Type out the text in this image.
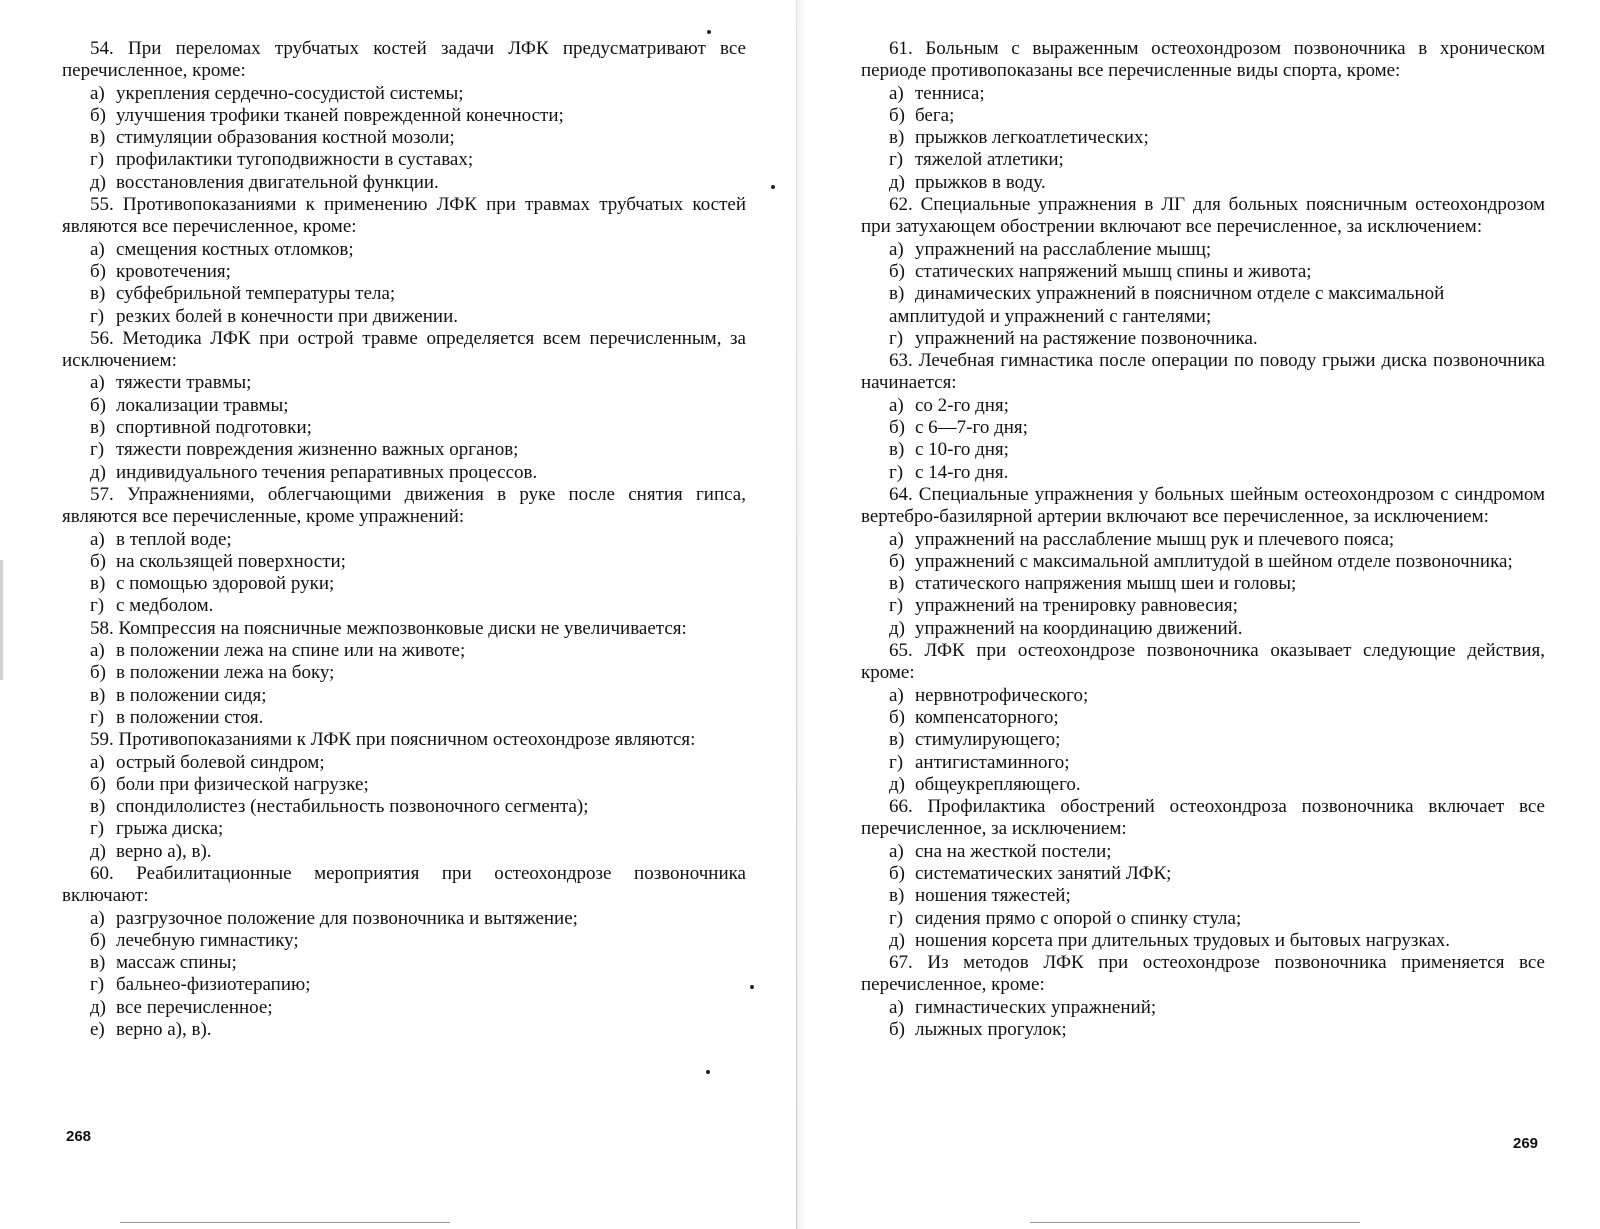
54. При переломах трубчатых костей задачи ЛФК предусматривают все перечисленное, кроме:

а) укрепления сердечно-сосудистой системы;
б) улучшения трофики тканей поврежденной конечности;
в) стимуляции образования костной мозоли;
г) профилактики тугоподвижности в суставах;
д) восстановления двигательной функции.

55. Противопоказаниями к применению ЛФК при травмах трубчатых костей являются все перечисленное, кроме:

а) смещения костных отломков;
б) кровотечения;
в) субфебрильной температуры тела;
г) резких болей в конечности при движении.

56. Методика ЛФК при острой травме определяется всем перечисленным, за исключением:

а) тяжести травмы;
б) локализации травмы;
в) спортивной подготовки;
г) тяжести повреждения жизненно важных органов;
д) индивидуального течения репаративных процессов.

57. Упражнениями, облегчающими движения в руке после снятия гипса, являются все перечисленные, кроме упражнений:

а) в теплой воде;
б) на скользящей поверхности;
в) с помощью здоровой руки;
г) с медболом.

58. Компрессия на поясничные межпозвонковые диски не увеличивается:

а) в положении лежа на спине или на животе;
б) в положении лежа на боку;
в) в положении сидя;
г) в положении стоя.

59. Противопоказаниями к ЛФК при поясничном остеохондрозе являются:

а) острый болевой синдром;
б) боли при физической нагрузке;
в) спондилолистез (нестабильность позвоночного сегмента);
г) грыжа диска;
д) верно а), в).

60. Реабилитационные мероприятия при остеохондрозе позвоночника включают:

а) разгрузочное положение для позвоночника и вытяжение;
б) лечебную гимнастику;
в) массаж спины;
г) бальнео-физиотерапию;
д) все перечисленное;
е) верно а), в).

61. Больным с выраженным остеохондрозом позвоночника в хроническом периоде противопоказаны все перечисленные виды спорта, кроме:

а) тенниса;
б) бега;
в) прыжков легкоатлетических;
г) тяжелой атлетики;
д) прыжков в воду.

62. Специальные упражнения в ЛГ для больных поясничным остеохондрозом при затухающем обострении включают все перечисленное, за исключением:

а) упражнений на расслабление мышц;
б) статических напряжений мышц спины и живота;
в) динамических упражнений в поясничном отделе с максимальной амплитудой и упражнений с гантелями;
г) упражнений на растяжение позвоночника.

63. Лечебная гимнастика после операции по поводу грыжи диска позвоночника начинается:

а) со 2-го дня;
б) с 6—7-го дня;
в) с 10-го дня;
г) с 14-го дня.

64. Специальные упражнения у больных шейным остеохондрозом с синдромом вертебро-базилярной артерии включают все перечисленное, за исключением:

а) упражнений на расслабление мышц рук и плечевого пояса;
б) упражнений с максимальной амплитудой в шейном отделе позвоночника;
в) статического напряжения мышц шеи и головы;
г) упражнений на тренировку равновесия;
д) упражнений на координацию движений.

65. ЛФК при остеохондрозе позвоночника оказывает следующие действия, кроме:

а) нервнотрофического;
б) компенсаторного;
в) стимулирующего;
г) антигистаминного;
д) общеукрепляющего.

66. Профилактика обострений остеохондроза позвоночника включает все перечисленное, за исключением:

а) сна на жесткой постели;
б) систематических занятий ЛФК;
в) ношения тяжестей;
г) сидения прямо с опорой о спинку стула;
д) ношения корсета при длительных трудовых и бытовых нагрузках.

67. Из методов ЛФК при остеохондрозе позвоночника применяется все перечисленное, кроме:

а) гимнастических упражнений;
б) лыжных прогулок;
268	269
